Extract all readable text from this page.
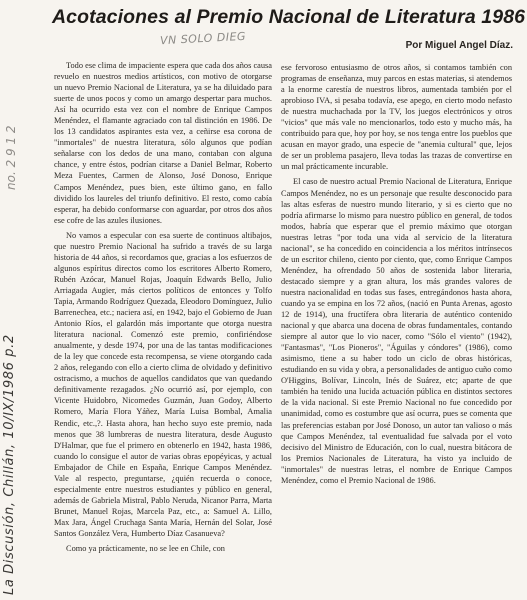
Acotaciones al Premio Nacional de Literatura 1986
VN SOLO DIEG	Por Miguel Angel Díaz.
no. 2 9 1 2
La Discusión, Chillán, 10/IX/1986 p.2

Todo ese clima de impaciente espera que cada dos años causa revuelo en nuestros medios artísticos, con motivo de otorgarse un nuevo Premio Nacional de Literatura, ya se ha diluidado para suerte de unos pocos y como un amargo despertar para muchos. Así ha ocurrido esta vez con el nombre de Enrique Campos Menéndez, el flamante agraciado con tal distinción en 1986. De los 13 candidatos aspirantes esta vez, a ceñirse esa corona de "inmortales" de nuestra literatura, sólo algunos que podían señalarse con los dedos de una mano, contaban con alguna chance, y entre éstos, podrían citarse a Daniel Belmar, Roberto Meza Fuentes, Carmen de Alonso, José Donoso, Enrique Campos Menéndez, pues bien, este último gano, en fallo dividido los laureles del triunfo definitivo. El resto, como cabía esperar, ha debido conformarse con aguardar, por otros dos años ese cofre de las azules ilusiones.

No vamos a especular con esa suerte de continuos altibajos, que nuestro Premio Nacional ha sufrido a través de su larga historia de 44 años, si recordamos que, gracias a los esfuerzos de algunos espíritus directos como los escritores Alberto Romero, Rubén Azócar, Manuel Rojas, Joaquín Edwards Bello, Julio Arriagada Augier, más ciertos políticos de entonces y Tolfo Tapia, Armando Rodríguez Quezada, Eleodoro Domínguez, Julio Barrenechea, etc.; naciera así, en 1942, bajo el Gobierno de Juan Antonio Ríos, el galardón más importante que otorga nuestra literatura nacional. Comenzó este premio, confiriéndose anualmente, y desde 1974, por una de las tantas modificaciones de la ley que concede esta recompensa, se viene otorgando cada 2 años, relegando con ello a cierto clima de olvidado y definitivo ostracismo, a muchos de aquellos candidatos que van quedando definitivamente rezagados. ¿No ocurrió así, por ejemplo, con Vicente Huidobro, Nicomedes Guzmán, Juan Godoy, Alberto Romero, María Flora Yáñez, María Luisa Bombal, Amalia Rendic, etc.,?. Hasta ahora, han hecho suyo este premio, nada menos que 38 lumbreras de nuestra literatura, desde Augusto D'Halmar, que fue el primero en obtenerlo en 1942, hasta 1986, cuando lo consigue el autor de varias obras epopéyicas, y actual Embajador de Chile en España, Enrique Campos Menéndez. Vale al respecto, preguntarse, ¿quién recuerda o conoce, especialmente entre nuestros estudiantes y público en general, además de Gabriela Mistral, Pablo Neruda, Nicanor Parra, Marta Brunet, Manuel Rojas, Marcela Paz, etc., a: Samuel A. Lillo, Max Jara, Ángel Cruchaga Santa María, Hernán del Solar, José Santos González Vera, Humberto Díaz Casanueva?

Como ya prácticamente, no se lee en Chile, con

ese fervoroso entusiasmo de otros años, si contamos también con programas de enseñanza, muy parcos en estas materias, si atendemos a la enorme carestía de nuestros libros, aumentada también por el aprobioso IVA, si pesaba todavía, ese apego, en cierto modo nefasto de nuestra muchachada por la TV, los juegos electrónicos y otros "vicios" que más vale no mencionarlos, todo esto y mucho más, ha contribuido para que, hoy por hoy, se nos tenga entre los pueblos que acusan en mayor grado, una especie de "anemia cultural" que, lejos de ser un problema pasajero, lleva todas las trazas de convertirse en un mal prácticamente incurable.

El caso de nuestro actual Premio Nacional de Literatura, Enrique Campos Menéndez, no es un personaje que resulte desconocido para las altas esferas de nuestro mundo literario, y si es cierto que no podría afirmarse lo mismo para nuestro público en general, de todos modos, habría que esperar que el premio máximo que otorgan nuestras letras "por toda una vida al servicio de la literatura nacional", se ha concedido en coincidencia a los méritos intrínsecos de un escritor chileno, ciento por ciento, que, como Enrique Campos Menéndez, ha ofrendado 50 años de sostenida labor literaria, destacado siempre y a gran altura, los más grandes valores de nuestra nacionalidad en todas sus fases, entregándonos hasta ahora, cuando ya se empina en los 72 años, (nació en Punta Arenas, agosto 12 de 1914), una fructífera obra literaria de auténtico contenido nacional y que abarca una docena de obras fundamentales, contando siempre al autor que lo vio nacer, como "Sólo el viento" (1942), "Fantasmas", "Los Pioneros", "Águilas y cóndores" (1986), como asimismo, tiene a su haber todo un ciclo de obras históricas, estudiando en su vida y obra, a personalidades de antiguo cuño como O'Higgins, Bolívar, Lincoln, Inés de Suárez, etc; aparte de que también ha tenido una lucida actuación pública en distintos sectores de la vida nacional. Si este Premio Nacional no fue concedido por unanimidad, como es costumbre que así ocurra, pues se comenta que las preferencias estaban por José Donoso, un autor tan valioso o más que Campos Menéndez, tal eventualidad fue salvada por el voto decisivo del Ministro de Educación, con lo cual, nuestra bitácora de los Premios Nacionales de Literatura, ha visto ya incluido de "inmortales" de nuestras letras, el nombre de Enrique Campos Menéndez, como el Premio Nacional de 1986.
